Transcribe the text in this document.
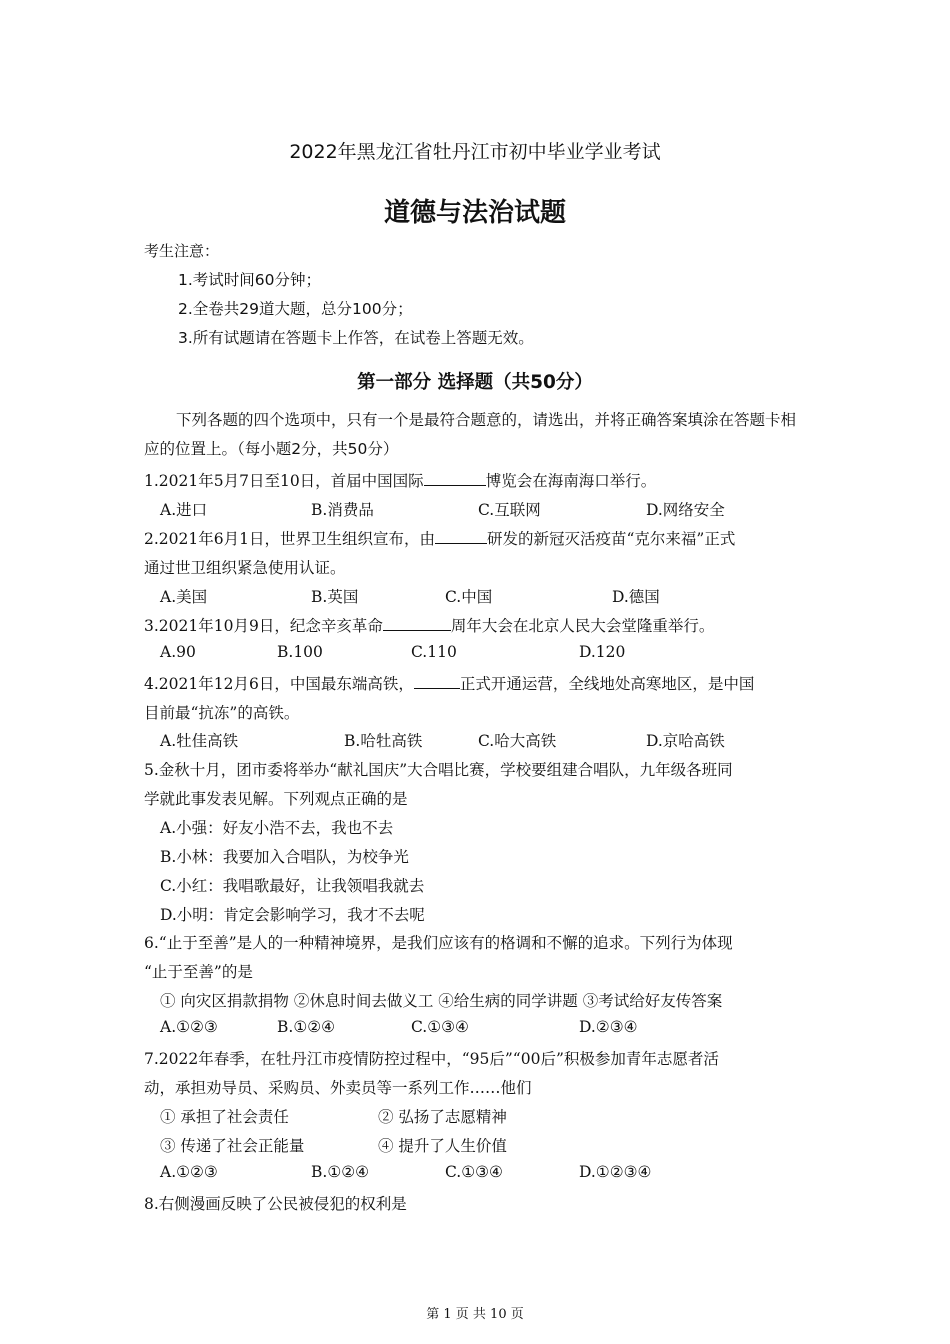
2022年黑龙江省牡丹江市初中毕业学业考试
道德与法治试题
考生注意：
1.考试时间60分钟；
2.全卷共29道大题，总分100分；
3.所有试题请在答题卡上作答，在试卷上答题无效。
第一部分 选择题（共50分）
下列各题的四个选项中，只有一个是最符合题意的，请选出，并将正确答案填涂在答题卡相应的位置上。（每小题2分，共50分）
1.2021年5月7日至10日，首届中国国际	博览会在海南海口举行。
A.进口	B.消费品	C.互联网	D.网络安全
2.2021年6月1日，世界卫生组织宣布，由	研发的新冠灭活疫苗“克尔来福”正式
通过世卫组织紧急使用认证。
A.美国	B.英国	C.中国	D.德国
3.2021年10月9日，纪念辛亥革命	周年大会在北京人民大会堂隆重举行。
A.90	B.100	C.110	D.120
4.2021年12月6日，中国最东端高铁，	正式开通运营，全线地处高寒地区，是中国
目前最“抗冻”的高铁。
A.牡佳高铁	B.哈牡高铁	C.哈大高铁	D.京哈高铁
5.金秋十月，团市委将举办“献礼国庆”大合唱比赛，学校要组建合唱队，九年级各班同
学就此事发表见解。下列观点正确的是
A.小强：好友小浩不去，我也不去
B.小林：我要加入合唱队，为校争光
C.小红：我唱歌最好，让我领唱我就去
D.小明：肯定会影响学习，我才不去呢
6.“止于至善”是人的一种精神境界，是我们应该有的格调和不懈的追求。下列行为体现
“止于至善”的是
① 向灾区捐款捐物 ②休息时间去做义工 ④给生病的同学讲题 ③考试给好友传答案
A.①②③	B.①②④	C.①③④	D.②③④
7.2022年春季，在牡丹江市疫情防控过程中，“95后”“00后”积极参加青年志愿者活
动，承担劝导员、采购员、外卖员等一系列工作……他们
① 承担了社会责任	② 弘扬了志愿精神
③ 传递了社会正能量	④ 提升了人生价值
A.①②③	B.①②④	C.①③④	D.①②③④
8.右侧漫画反映了公民被侵犯的权利是
第 1 页 共 10 页
